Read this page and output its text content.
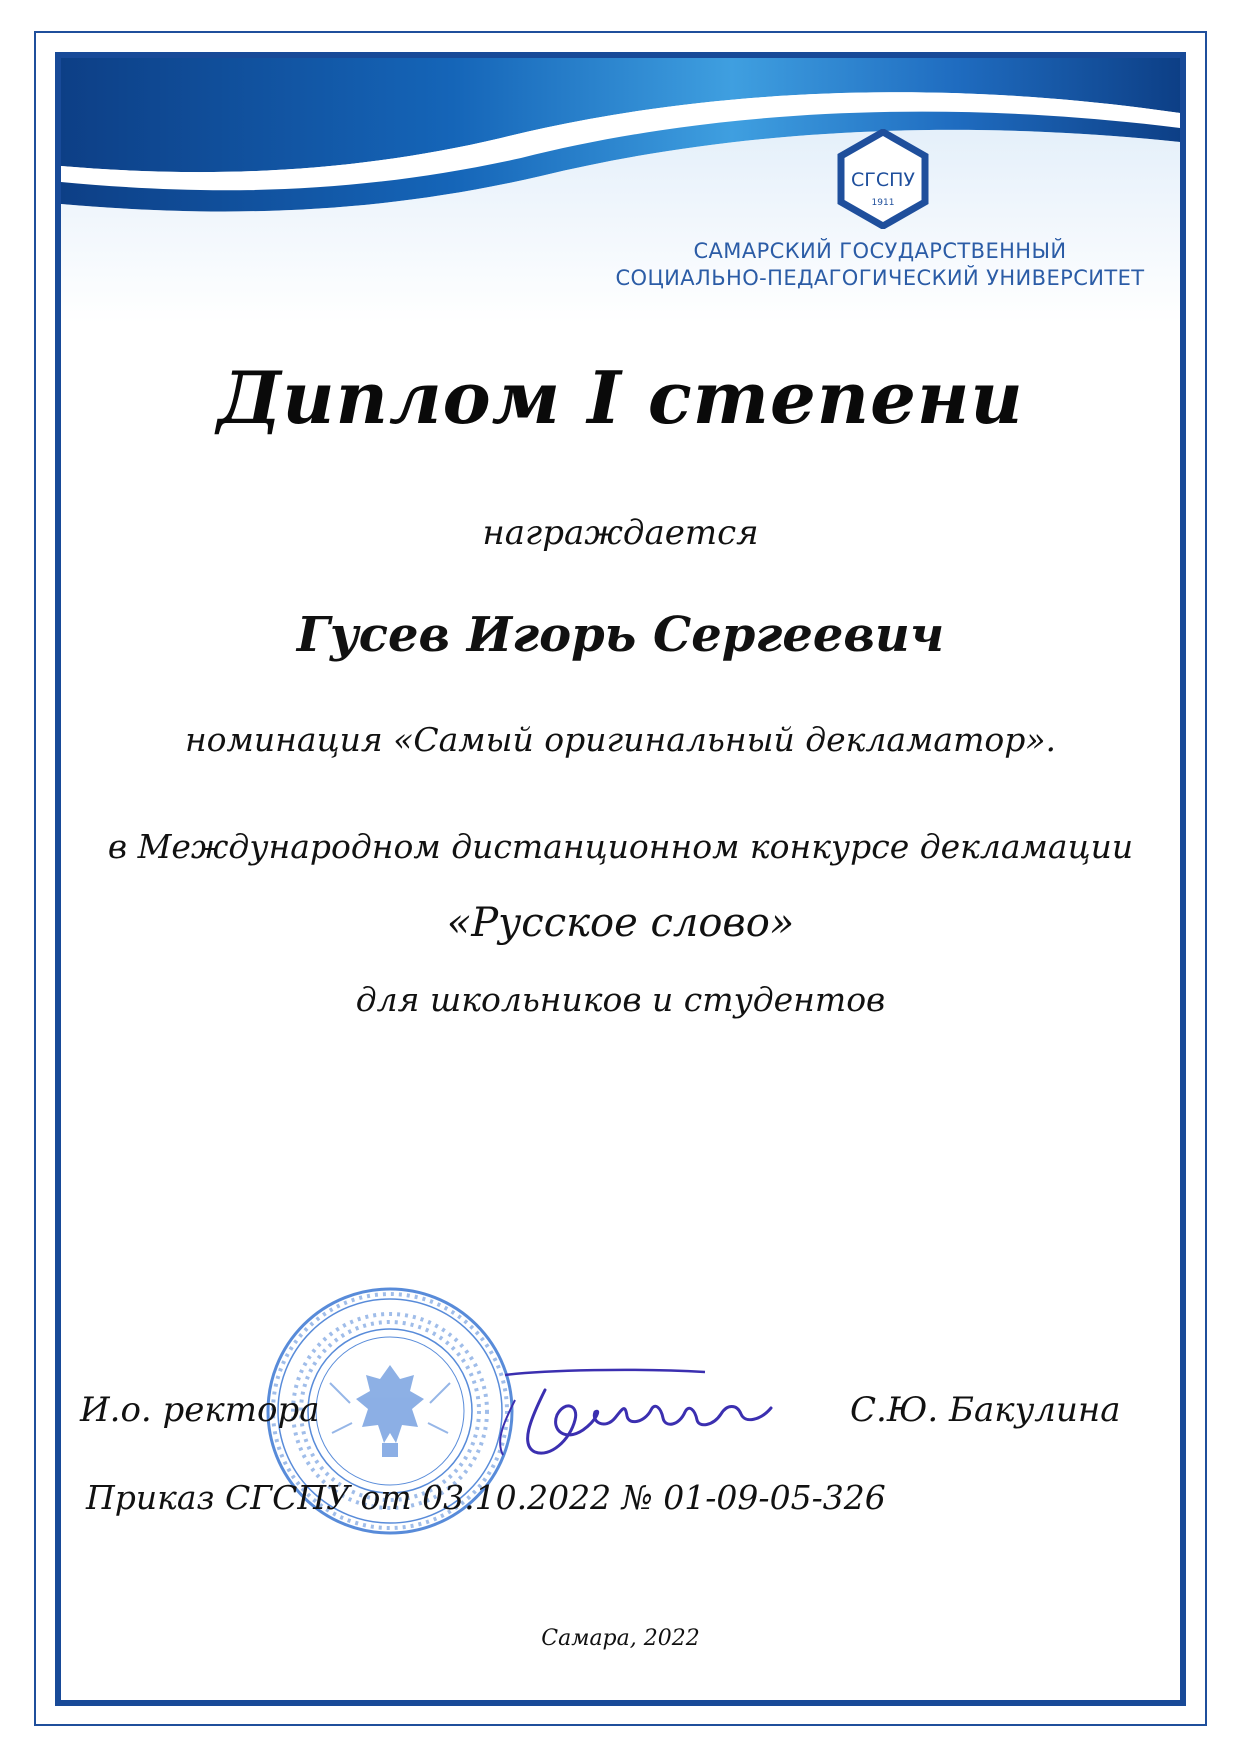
СГСПУ
1911
САМАРСКИЙ ГОСУДАРСТВЕННЫЙ
СОЦИАЛЬНО-ПЕДАГОГИЧЕСКИЙ УНИВЕРСИТЕТ
Диплом I степени
награждается
Гусев Игорь Сергеевич
номинация «Самый оригинальный декламатор».
в Международном дистанционном конкурсе декламации
«Русское слово»
для школьников и студентов
И.о. ректора	С.Ю. Бакулина
Приказ СГСПУ от 03.10.2022 № 01-09-05-326
Самара, 2022
